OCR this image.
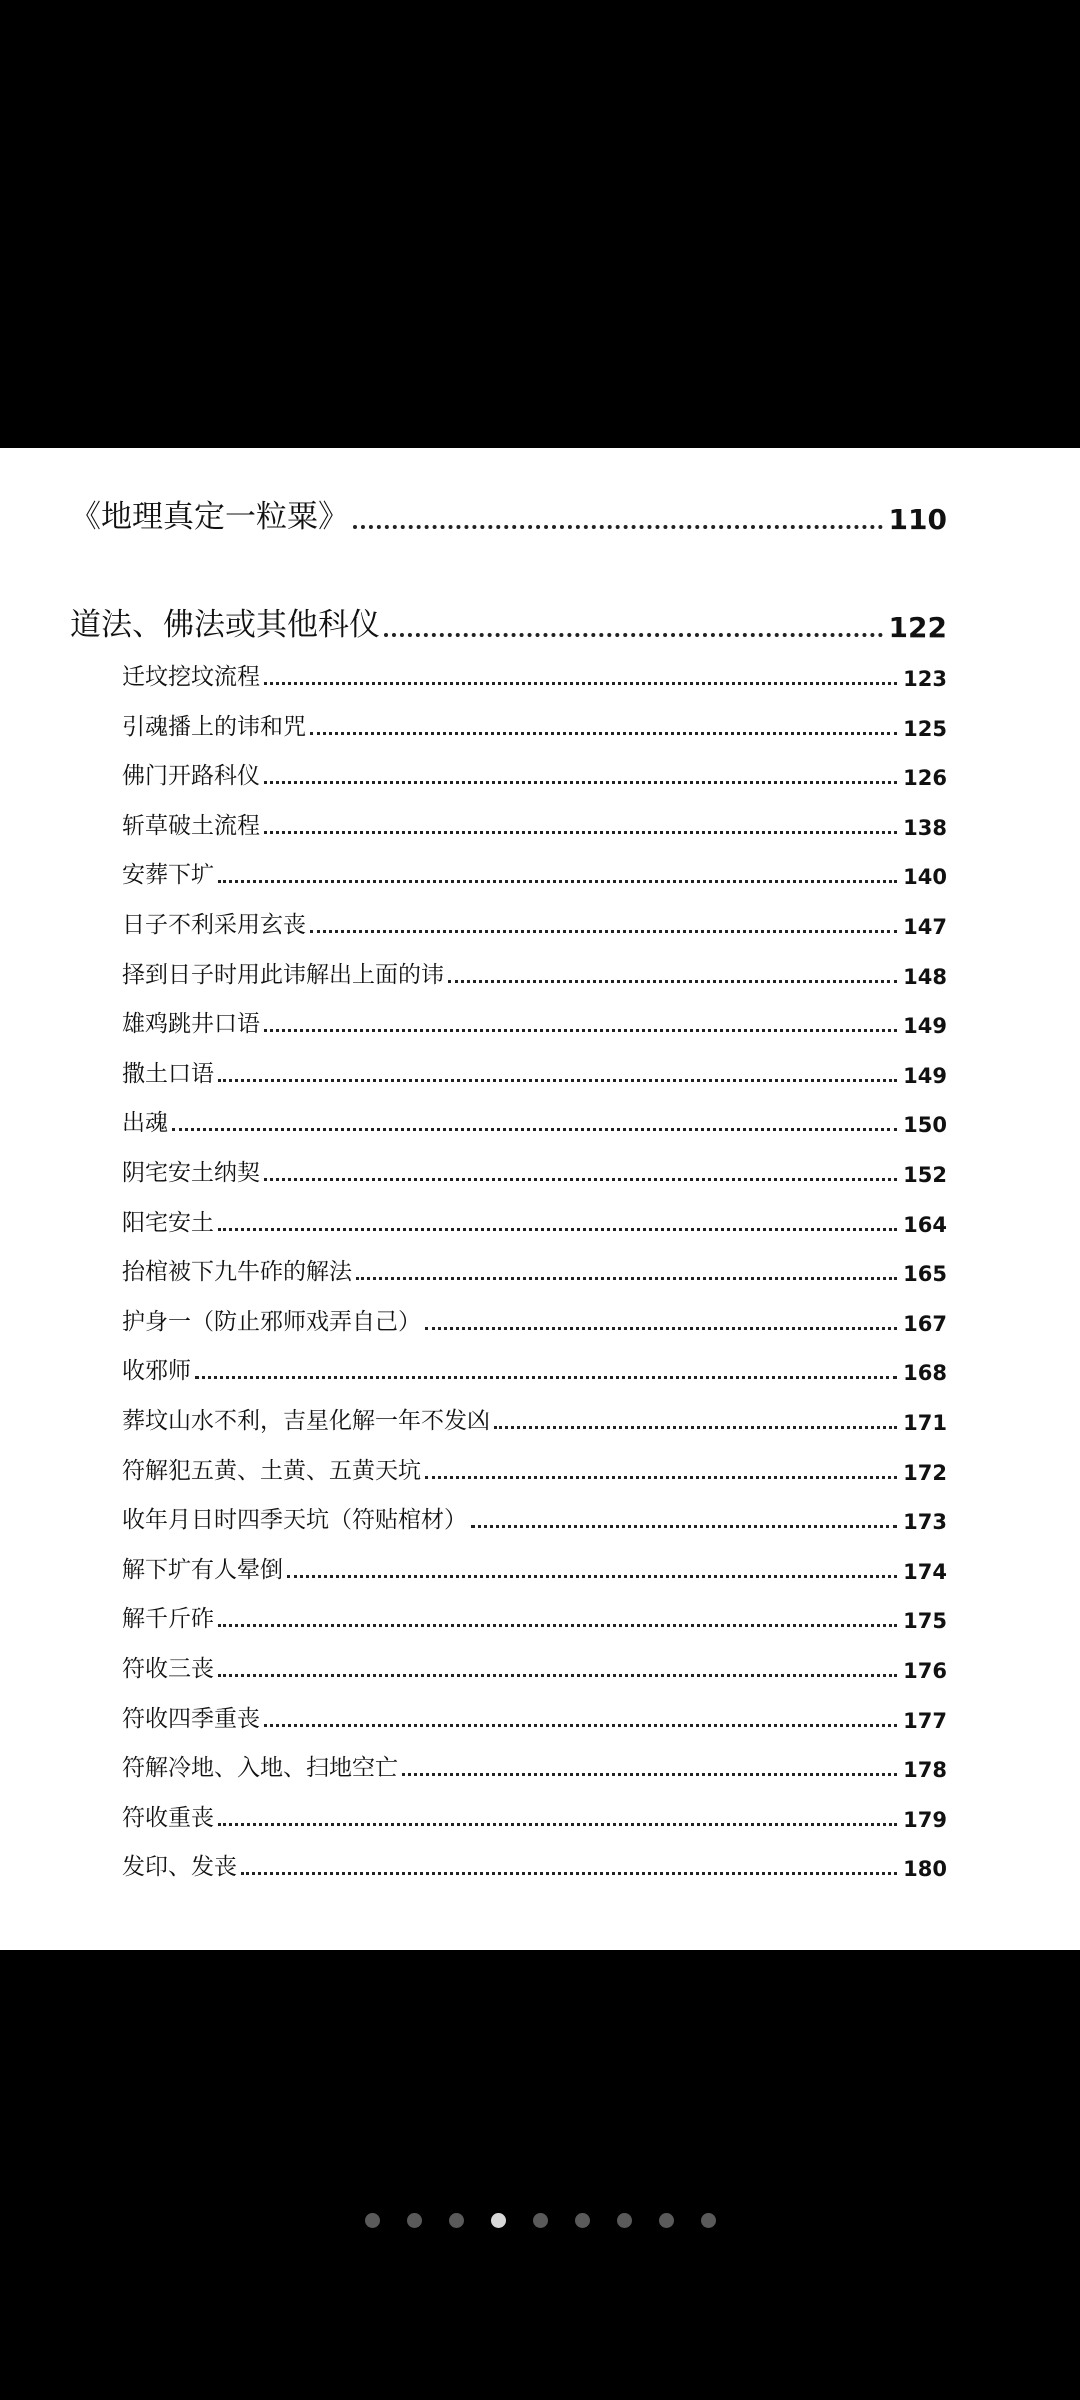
《地理真定一粒粟》	110
道法、佛法或其他科仪	122
迁坟挖坟流程	123
引魂播上的讳和咒	125
佛门开路科仪	126
斩草破土流程	138
安葬下圹	140
日子不利采用玄丧	147
择到日子时用此讳解出上面的讳	148
雄鸡跳井口语	149
撒土口语	149
出魂	150
阴宅安土纳契	152
阳宅安土	164
抬棺被下九牛砟的解法	165
护身一（防止邪师戏弄自己）	167
收邪师	168
葬坟山水不利，吉星化解一年不发凶	171
符解犯五黄、土黄、五黄天坑	172
收年月日时四季天坑（符贴棺材）	173
解下圹有人晕倒	174
解千斤砟	175
符收三丧	176
符收四季重丧	177
符解冷地、入地、扫地空亡	178
符收重丧	179
发印、发丧	180
